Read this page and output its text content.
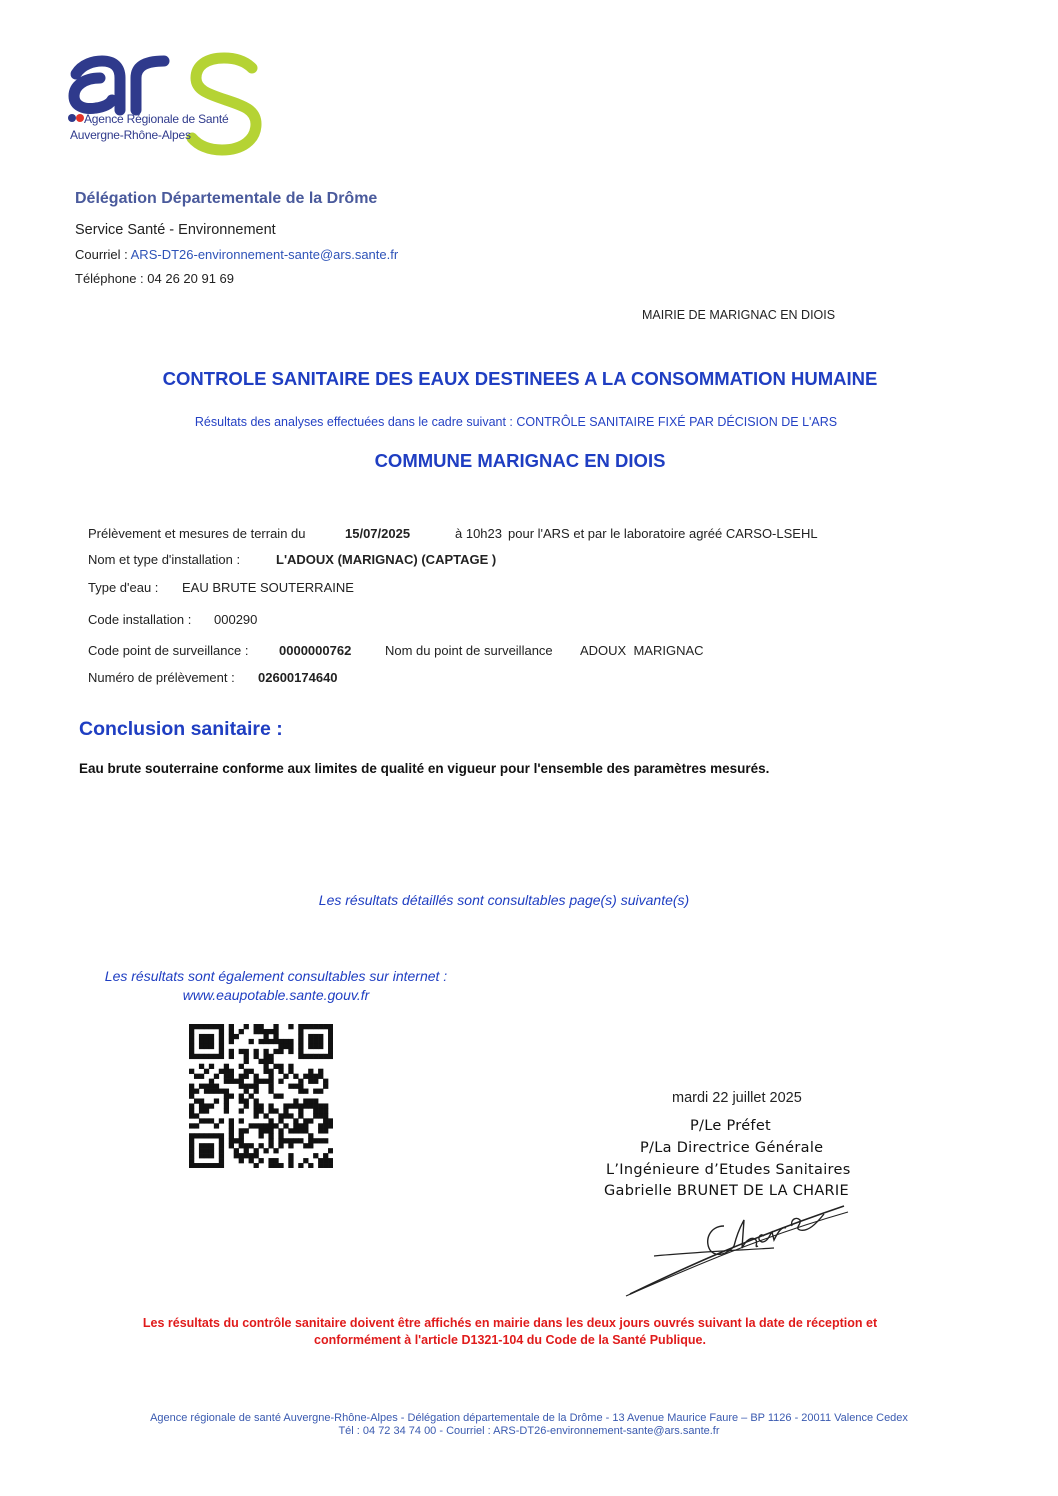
Agence Régionale de Santé
Auvergne-Rhône-Alpes
Délégation Départementale de la Drôme
Service Santé - Environnement
Courriel : ARS-DT26-environnement-sante@ars.sante.fr
Téléphone : 04 26 20 91 69
MAIRIE DE MARIGNAC EN DIOIS
CONTROLE SANITAIRE DES EAUX DESTINEES A LA CONSOMMATION HUMAINE
Résultats des analyses effectuées dans le cadre suivant : CONTRÔLE SANITAIRE FIXÉ PAR DÉCISION DE L'ARS
COMMUNE MARIGNAC EN DIOIS
Prélèvement et mesures de terrain du	15/07/2025	à 10h23 pour l'ARS et par le laboratoire agréé CARSO-LSEHL
Nom et type d'installation :	L'ADOUX (MARIGNAC) (CAPTAGE )
Type d'eau : EAU BRUTE SOUTERRAINE
Code installation : 000290
Code point de surveillance : 0000000762	Nom du point de surveillance ADOUX  MARIGNAC
Numéro de prélèvement : 02600174640
Conclusion sanitaire :
Eau brute souterraine conforme aux limites de qualité en vigueur pour l'ensemble des paramètres mesurés.
Les résultats détaillés sont consultables page(s) suivante(s)
Les résultats sont également consultables sur internet :
www.eaupotable.sante.gouv.fr
mardi 22 juillet 2025
P/Le Préfet
P/La Directrice Générale
L’Ingénieure d’Etudes Sanitaires
Gabrielle BRUNET DE LA CHARIE
Les résultats du contrôle sanitaire doivent être affichés en mairie dans les deux jours ouvrés suivant la date de réception et
conformément à l'article D1321-104 du Code de la Santé Publique.
Agence régionale de santé Auvergne-Rhône-Alpes - Délégation départementale de la Drôme - 13 Avenue Maurice Faure – BP 1126 - 20011 Valence Cedex
Tél : 04 72 34 74 00 - Courriel : ARS-DT26-environnement-sante@ars.sante.fr
